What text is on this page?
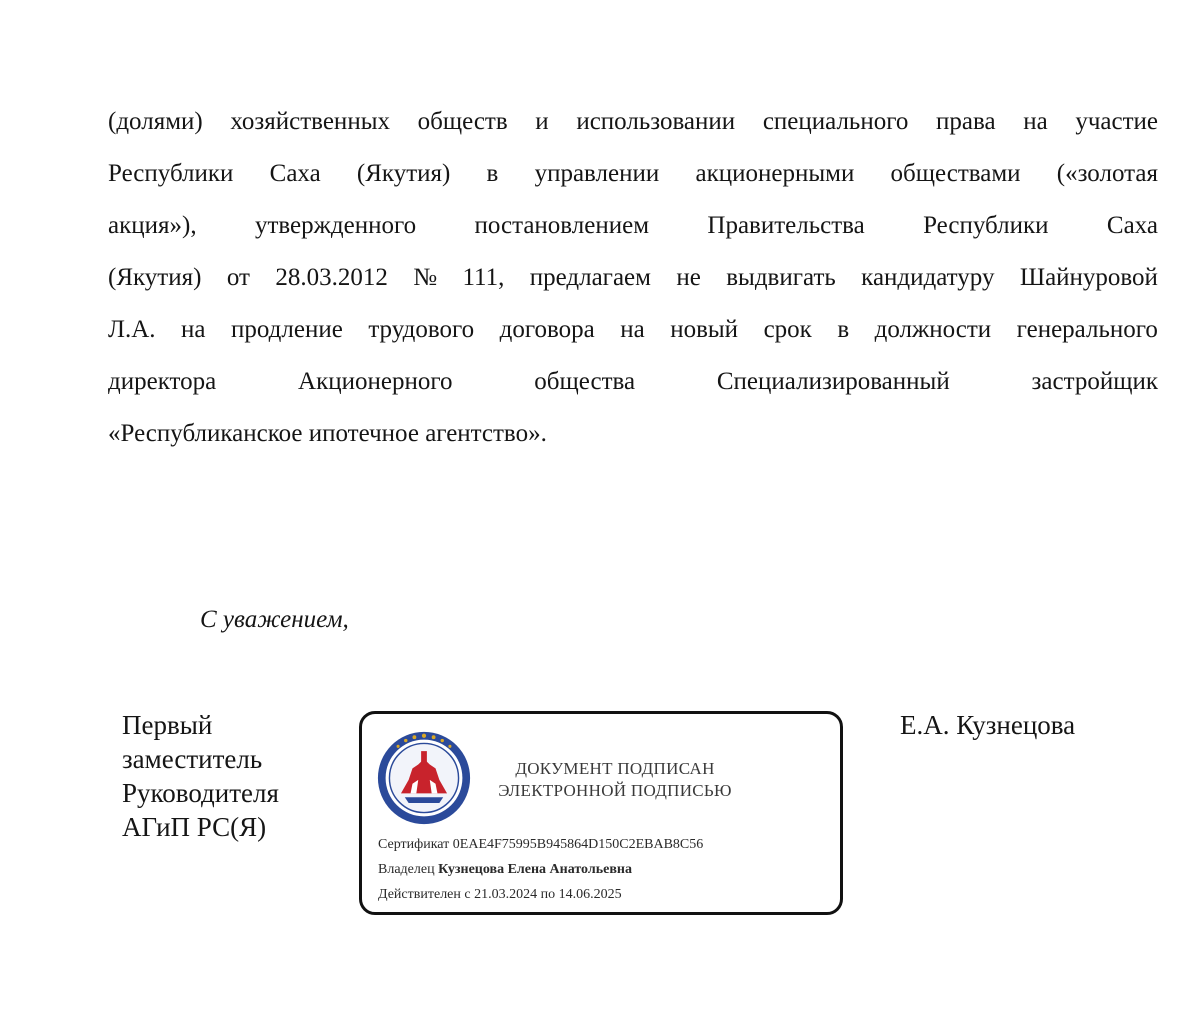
(долями) хозяйственных обществ и использовании специального права на участие
Республики Саха (Якутия) в управлении акционерными обществами («золотая
акция»), утвержденного постановлением Правительства Республики Саха
(Якутия) от 28.03.2012 № 111, предлагаем не выдвигать кандидатуру Шайнуровой
Л.А. на продление трудового договора на новый срок в должности генерального
директора	Акционерного	общества	Специализированный	застройщик
«Республиканское ипотечное агентство».
С уважением,
Первый
заместитель
Руководителя
АГиП РС(Я)
Е.А. Кузнецова
ДОКУМЕНТ ПОДПИСАН
ЭЛЕКТРОННОЙ ПОДПИСЬЮ
Сертификат 0EAE4F75995B945864D150C2EBAB8C56
Владелец Кузнецова Елена Анатольевна
Действителен с 21.03.2024 по 14.06.2025
